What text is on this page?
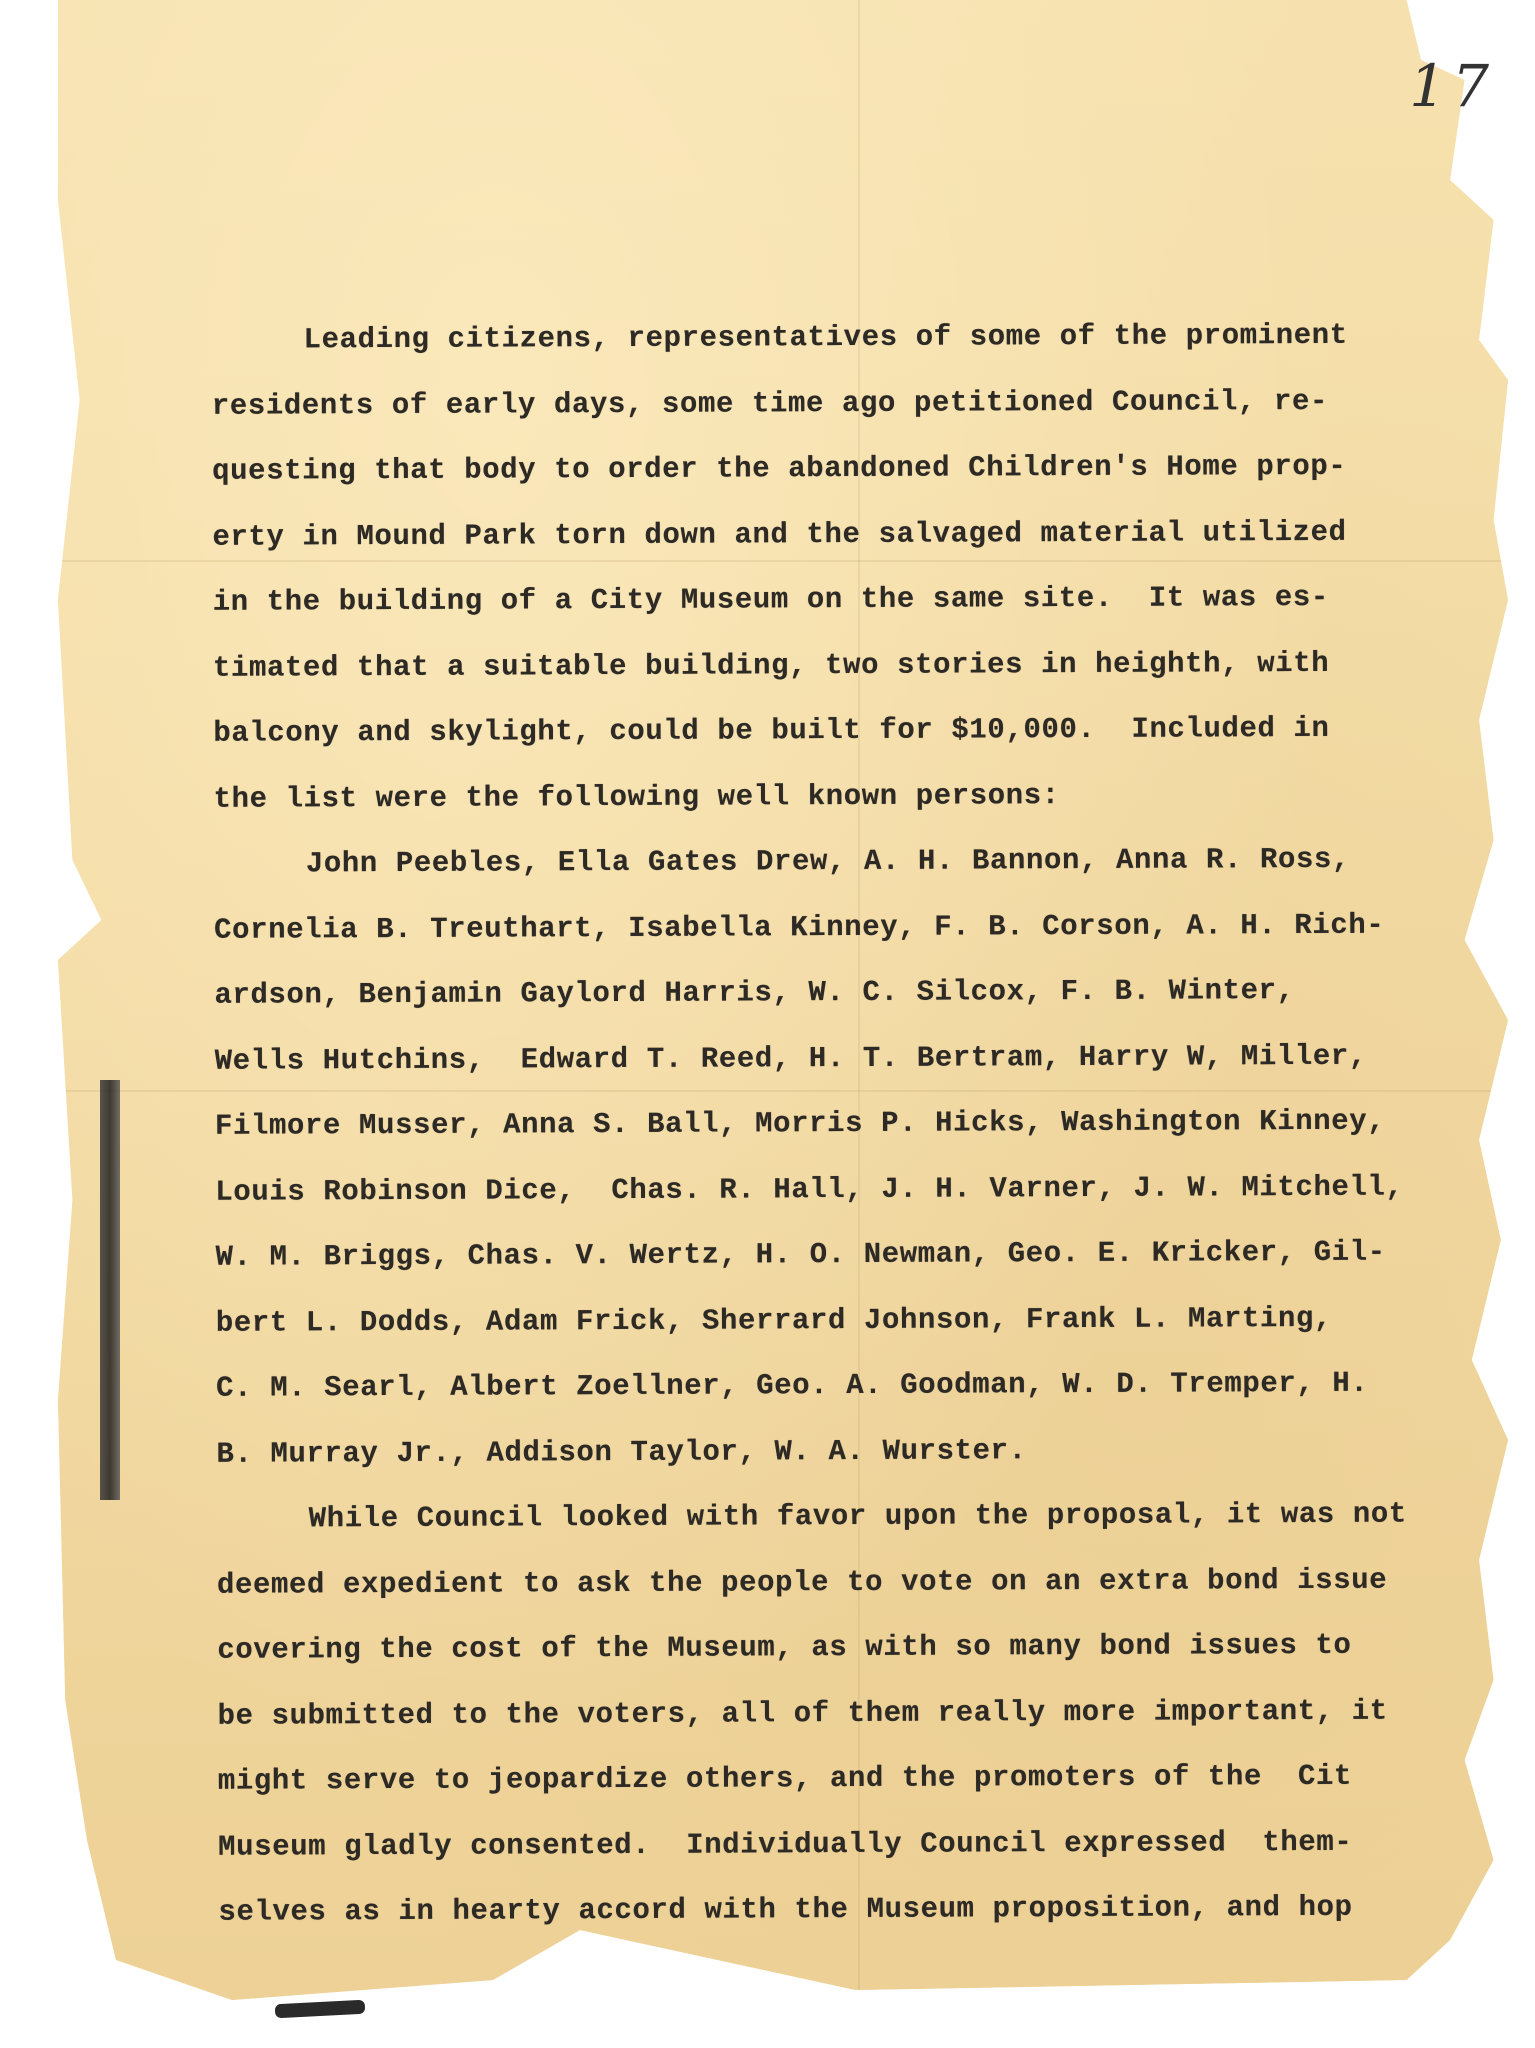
17
Leading citizens, representatives of some of the prominent
residents of early days, some time ago petitioned Council, re-
questing that body to order the abandoned Children's Home prop-
erty in Mound Park torn down and the salvaged material utilized
in the building of a City Museum on the same site.  It was es-
timated that a suitable building, two stories in heighth, with
balcony and skylight, could be built for $10,000.  Included in
the list were the following well known persons:
John Peebles, Ella Gates Drew, A. H. Bannon, Anna R. Ross,
Cornelia B. Treuthart, Isabella Kinney, F. B. Corson, A. H. Rich-
ardson, Benjamin Gaylord Harris, W. C. Silcox, F. B. Winter,
Wells Hutchins,  Edward T. Reed, H. T. Bertram, Harry W, Miller,
Filmore Musser, Anna S. Ball, Morris P. Hicks, Washington Kinney,
Louis Robinson Dice,  Chas. R. Hall, J. H. Varner, J. W. Mitchell,
W. M. Briggs, Chas. V. Wertz, H. O. Newman, Geo. E. Kricker, Gil-
bert L. Dodds, Adam Frick, Sherrard Johnson, Frank L. Marting,
C. M. Searl, Albert Zoellner, Geo. A. Goodman, W. D. Tremper, H.
B. Murray Jr., Addison Taylor, W. A. Wurster.
While Council looked with favor upon the proposal, it was not
deemed expedient to ask the people to vote on an extra bond issue
covering the cost of the Museum, as with so many bond issues to
be submitted to the voters, all of them really more important, it
might serve to jeopardize others, and the promoters of the  Cit
Museum gladly consented.  Individually Council expressed  them-
selves as in hearty accord with the Museum proposition, and hop
